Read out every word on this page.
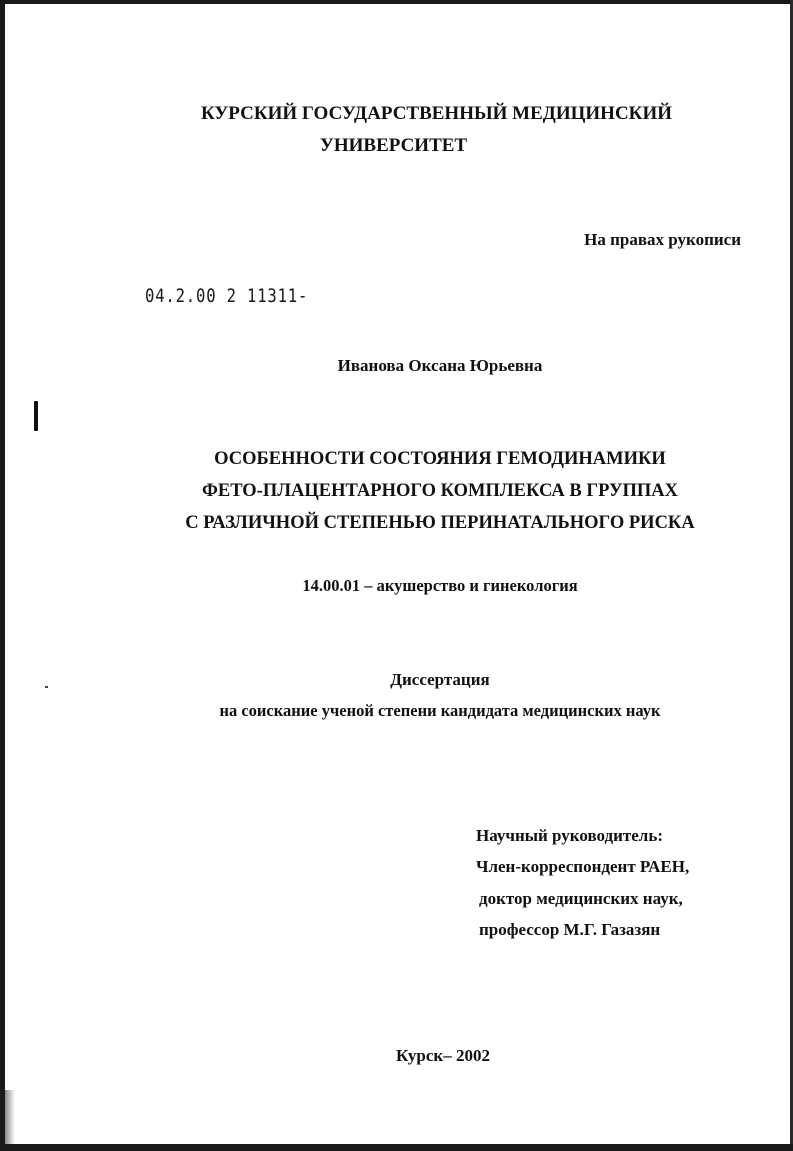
КУРСКИЙ ГОСУДАРСТВЕННЫЙ МЕДИЦИНСКИЙ
УНИВЕРСИТЕТ
На правах рукописи
04.2.00 2 11311-
Иванова Оксана Юрьевна
ОСОБЕННОСТИ СОСТОЯНИЯ ГЕМОДИНАМИКИ
ФЕТО-ПЛАЦЕНТАРНОГО КОМПЛЕКСА В ГРУППАХ
С РАЗЛИЧНОЙ СТЕПЕНЬЮ ПЕРИНАТАЛЬНОГО РИСКА
14.00.01 – акушерство и гинекология
Диссертация
на соискание ученой степени кандидата медицинских наук
Научный руководитель:
Член-корреспондент РАЕН,
доктор медицинских наук,
профессор М.Г. Газазян
Курск– 2002
